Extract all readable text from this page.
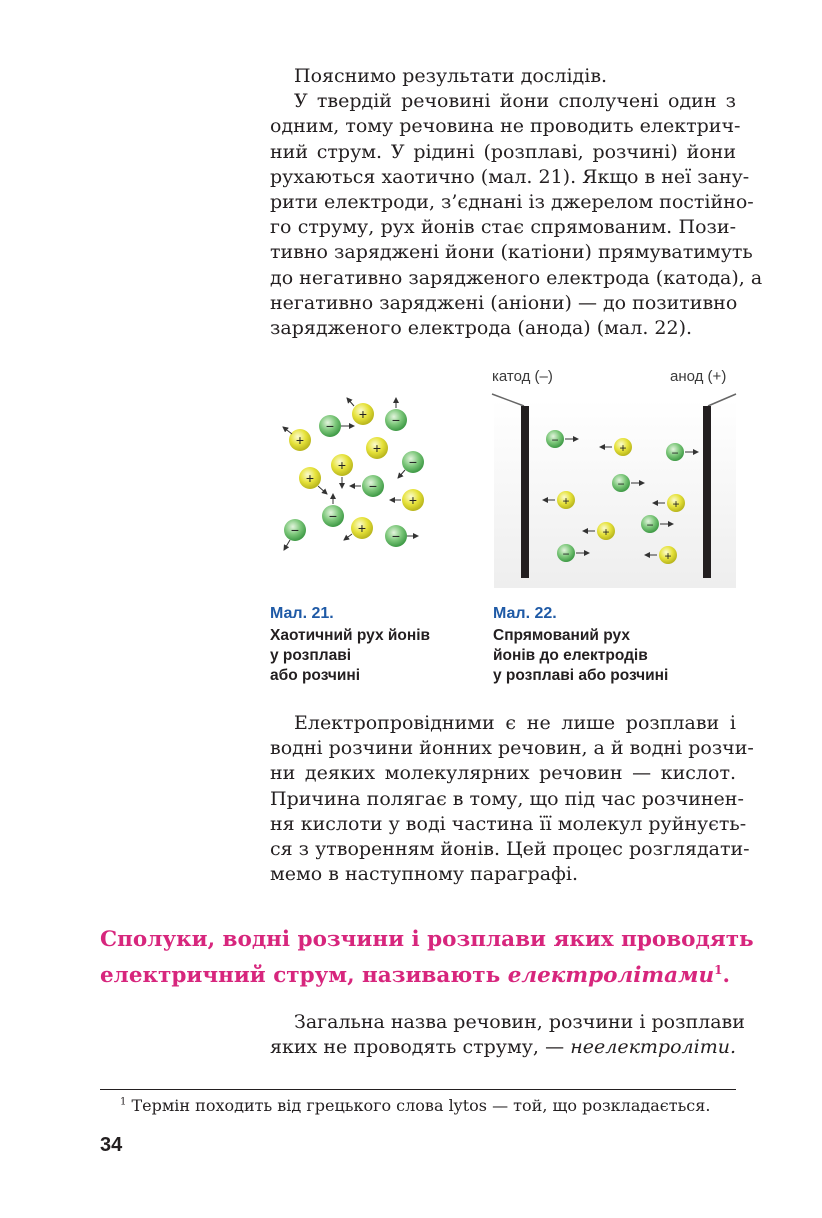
Пояснимо результати дослідів.
У твердій речовині йони сполучені один з
одним, тому речовина не проводить електрич-
ний струм. У рідині (розплаві, розчині) йони
рухаються хаотично (мал. 21). Якщо в неї зану-
рити електроди, з’єднані із джерелом постійно-
го струму, рух йонів стає спрямованим. Пози-
тивно заряджені йони (катіони) прямуватимуть
до негативно зарядженого електрода (катода), а
негативно заряджені (аніони) — до позитивно
зарядженого електрода (анода) (мал. 22).
+
+	+
+
+
+
+
−	−
−
−
−
−
−
катод (–)	анод (+)
+
+	+
+
+
−
−
−
−
−
Мал. 21.
Хаотичний рух йонів
у розплаві
або розчині
Мал. 22.
Спрямований рух
йонів до електродів
у розплаві або розчині
Електропровідними є не лише розплави і
водні розчини йонних речовин, а й водні розчи-
ни деяких молекулярних речовин — кислот.
Причина полягає в тому, що під час розчинен-
ня кислоти у воді частина її молекул руйнуєть-
ся з утворенням йонів. Цей процес розглядати-
мемо в наступному параграфі.
Сполуки, водні розчини і розплави яких проводять
електричний струм, називають електролітами$^1$.
Загальна назва речовин, розчини і розплави
яких не проводять струму, — неелектроліти.
$^1$ Термін походить від грецького слова lytos — той, що розкладається.
34
